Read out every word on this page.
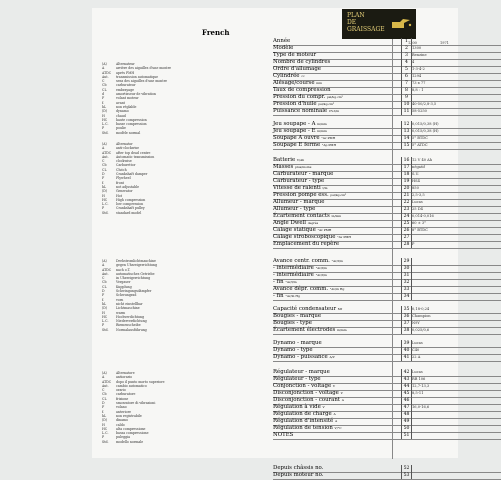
French
PLAN
DE
GRAISSAGE
(A)	Alternateur
A	arrière des aiguilles d'une montre
ATDC	après PMH
Aut.	transmission automatique
C	sens des aiguilles d'une montre
Cb	carburateur
CL	embrayage
d	amortisseur de vibration
F	volant moteur
f.	avant
hL	non réglable
(D)	dynamo
H	chaud
HC	haute compression
L.C.	basse compression
P	poulie
Std.	modèle normal
(A)	Alternator
A	anti-clockwise
ATDC	after top dead centre
Aut.	Automatic transmission
C	clockwise
Cb	Carburettor
CL	Clutch
D	Crankshaft damper
F	Flywheel
f.	front
hL	not adjustable
(D)	Generator
H	Hot
HC	High compression
L.C.	low compression
P	Crankshaft pulley
Std.	standard model
(A)	Drehstromlichtmaschine
A	gegen Uhrzeigerrichtung
ATDC	nach o.T.
Aut.	automatisches Getriebe
C	in Uhrzeigerrichtung
Cb	Vergaser
CL	Kupplung
D	Schwingungsdämpfer
F	Schwungrad
f.	vorn
hL	nicht einstellbar
(D)	Lichtmaschine
H	warm
HC	Hochverdichtung
L.C.	Niederverdichtung
P	Riemenscheibe
Std.	Normalausführung
(A)	Alternatore
A	antiorario
ATDC	dopo il punto morto superiore
Aut.	cambio automatico
C	orario
Cb	carburatore
CL	frizione
D	smorzatore di vibrazioni
F	volano
f.	anteriore
hL	non registrabile
(D)	dinamo
H	caldo
HC	alta compressione
L.C.	bassa compressione
P	puleggia
Std.	modello normale
1300	1971
Année	1
Modèle	2	1300
Type de moteur	3	Benzine
Nombre de cylindres	4	4
Ordre d'allumage	5	1-3-4-2
Cylindrée cc	6	1294
Alésage/course mm	7	73 x 77
Taux de compression	8	8,8 : 1
Pression du compr. psi/kg.cm²	9
Pression d'huile psi/kg.cm²	10 40-50/2,8-3,5
Puissance nominale CV-t/m	11 58-5250
Jeu soupape - A in/mm	12 0,015/0,38 (H)
Jeu soupape - E in/mm	13 0,015/0,38 (H)
Soupape A ouvre °Av PMH	14 5° BTDC
Soupape E ferme °Ap PMH	15 5° ATDC
Batterie V/Ah	16 12 V 40 Ah
Masses plus/moins	17 négatif
Carburateur - marque	18 S.U.
Carburateur - type	19 HS4
Vitesse de ralenti t/m	20 850
Pression pompe ess. psi/kg.cm²	21 2,5-3,5
Allumeur - marque	22 Lucas
Allumeur - type	23 25 D4
Écartement contacts in/mm	24 0,014-0,016
Angle Dwell degrés	25 60 ± 3°
Calage statique °Av PMH	26 8° BTDC
Calage stroboscopique °Av PMH	27
Emplacement du repère	28 P
Avance centr. comm. °Av/t/m	29
- intermédiaire °Av/t/m	30
- intermédiaire °Av/t/m	31
- fin °Av/t/m	32
Avance dépr. comm. °Av/in Hg	33
- fin °Av/in Hg	34
Capacité condensateur Mf	35 0,18-0,24
Bougies - marque	36 Champion
Bougies - type	37 N9Y
Écartement électrodes in/mm	38 0,025/0,6
Dynamo - marque	39 Lucas
Dynamo - type	40 C40
Dynamo - puissance A/V	41 22 A
Régulateur - marque	42 Lucas
Régulateur - type	43 RB 106
Conjonction - voltage V	44 12,7-13,3
Disconjonction - voltage V	45 8,5-11
Disconjonction - courant A	46
Régulation à vide V	47 16,0-16,6
Régulation de charge A	48
Régulation d'intensité A	49
Régulation de tension V/°C	50
NOTES	51
Depuis châssis no.	52
Depuis moteur no.	53
